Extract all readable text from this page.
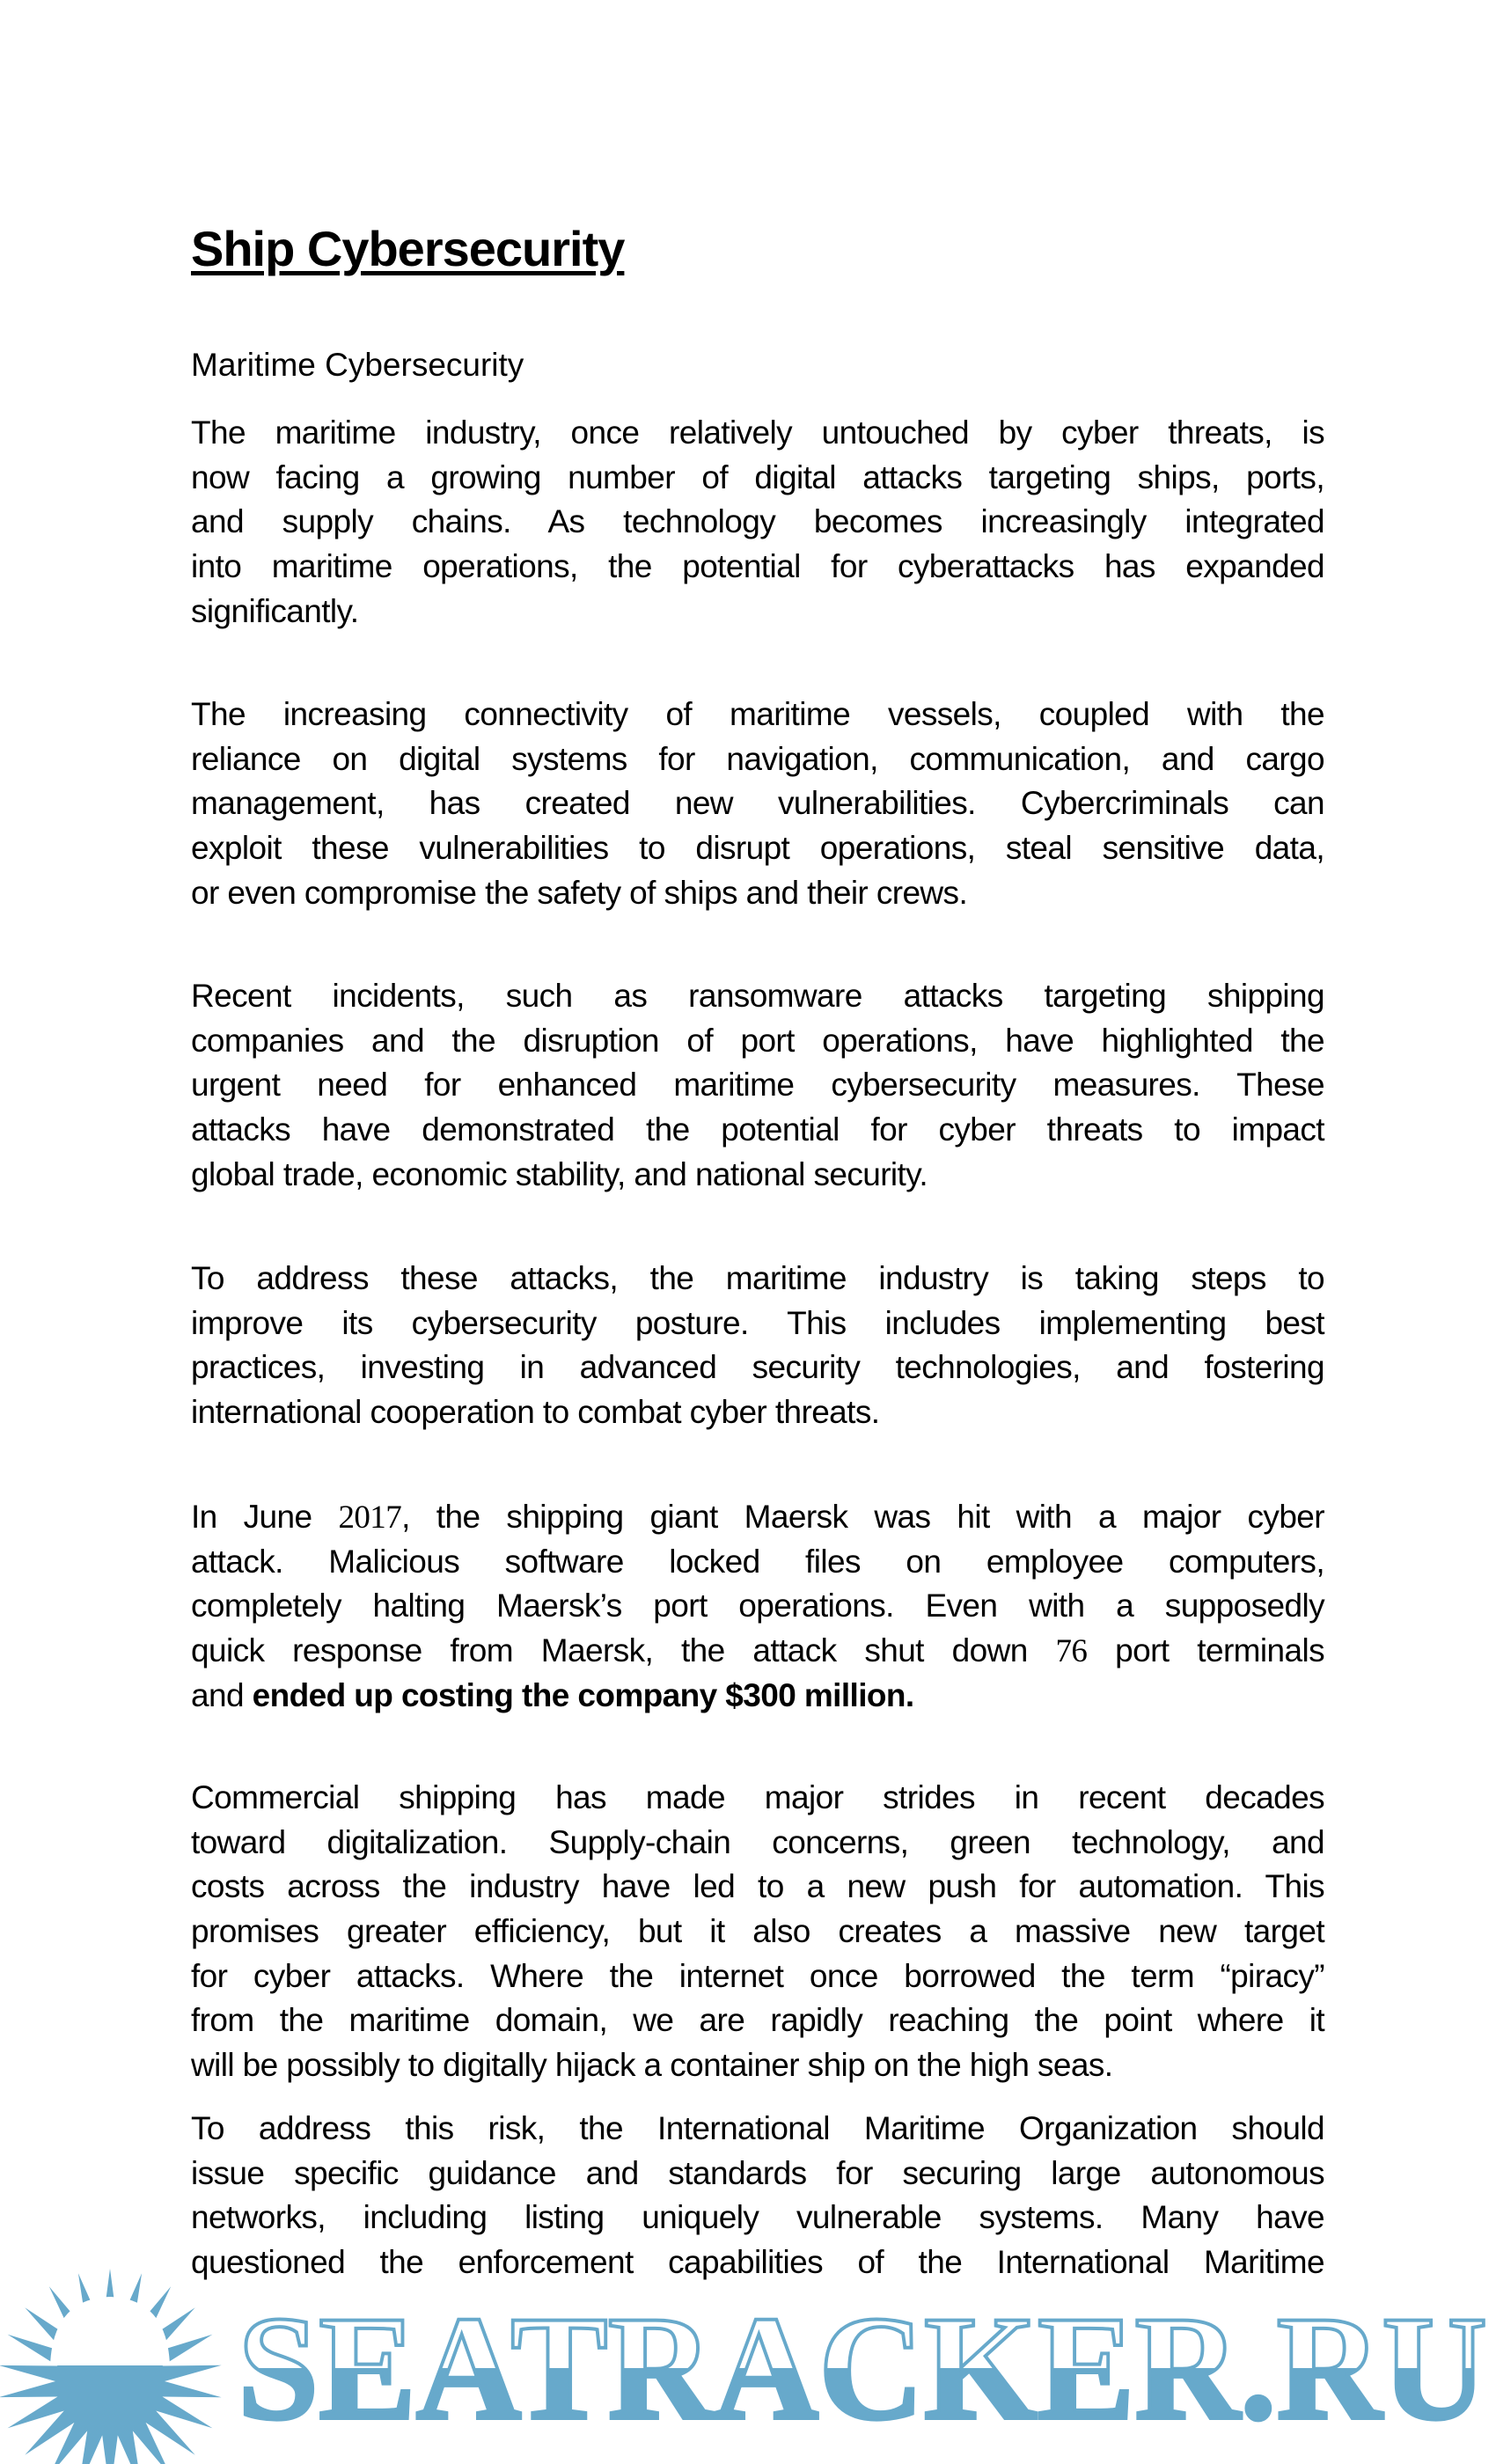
Ship Cybersecurity
Maritime Cybersecurity
The maritime industry, once relatively untouched by cyber threats, is
now facing a growing number of digital attacks targeting ships, ports,
and supply chains. As technology becomes increasingly integrated
into maritime operations, the potential for cyberattacks has expanded
significantly.
The increasing connectivity of maritime vessels, coupled with the
reliance on digital systems for navigation, communication, and cargo
management, has created new vulnerabilities. Cybercriminals can
exploit these vulnerabilities to disrupt operations, steal sensitive data,
or even compromise the safety of ships and their crews.
Recent incidents, such as ransomware attacks targeting shipping
companies and the disruption of port operations, have highlighted the
urgent need for enhanced maritime cybersecurity measures. These
attacks have demonstrated the potential for cyber threats to impact
global trade, economic stability, and national security.
To address these attacks, the maritime industry is taking steps to
improve its cybersecurity posture. This includes implementing best
practices, investing in advanced security technologies, and fostering
international cooperation to combat cyber threats.
In June 2017, the shipping giant Maersk was hit with a major cyber
attack. Malicious software locked files on employee computers,
completely halting Maersk’s port operations. Even with a supposedly
quick response from Maersk, the attack shut down 76 port terminals
and ended up costing the company $300 million.
Commercial shipping has made major strides in recent decades
toward digitalization. Supply-chain concerns, green technology, and
costs across the industry have led to a new push for automation. This
promises greater efficiency, but it also creates a massive new target
for cyber attacks. Where the internet once borrowed the term “piracy”
from the maritime domain, we are rapidly reaching the point where it
will be possibly to digitally hijack a container ship on the high seas.
To address this risk, the International Maritime Organization should
issue specific guidance and standards for securing large autonomous
networks, including listing uniquely vulnerable systems. Many have
questioned the enforcement capabilities of the International Maritime
SEATRACKER.RU
